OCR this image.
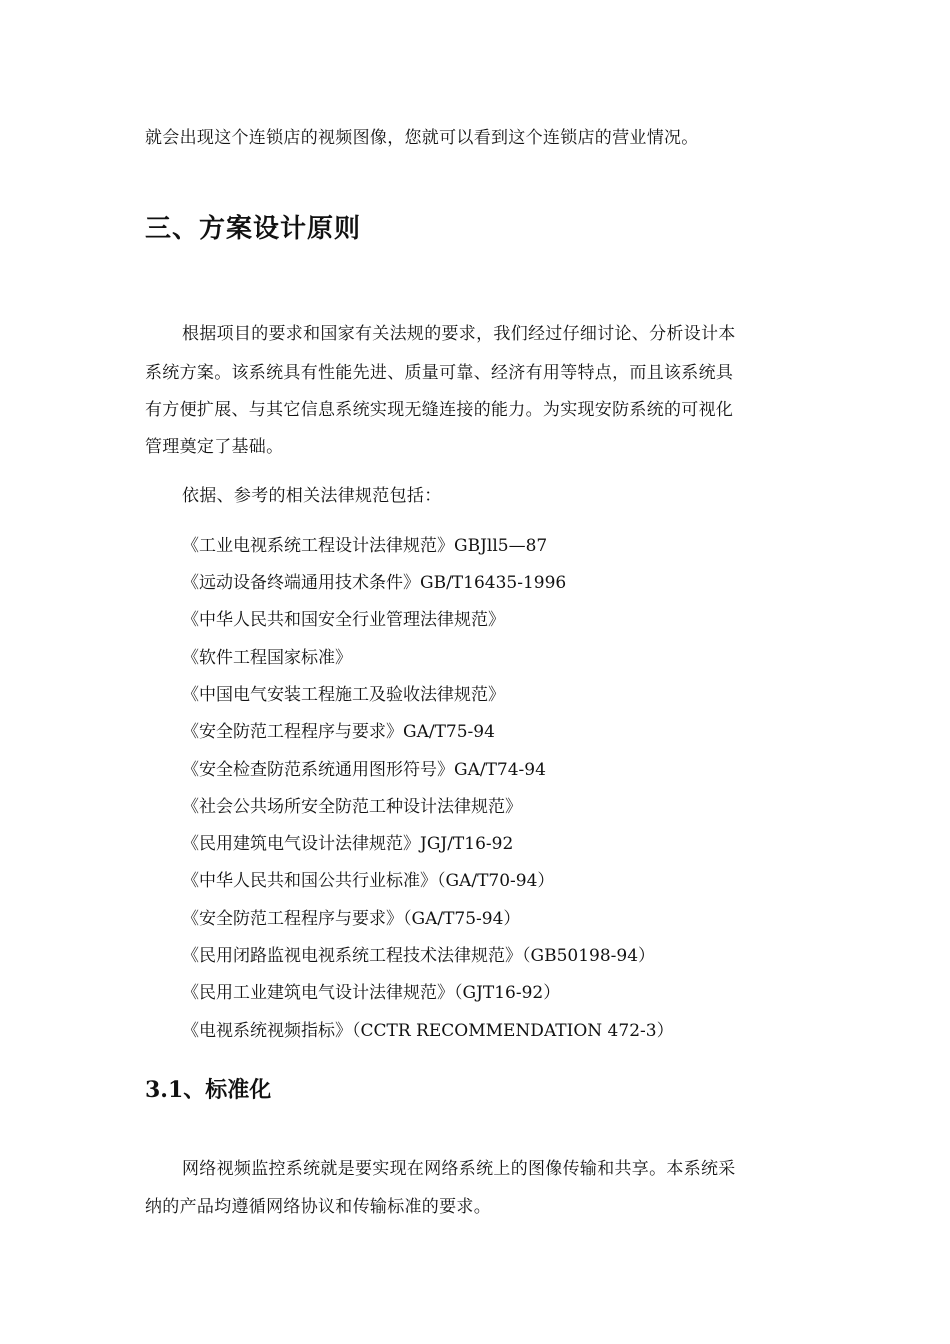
就会出现这个连锁店的视频图像，您就可以看到这个连锁店的营业情况。
三、方案设计原则
根据项目的要求和国家有关法规的要求，我们经过仔细讨论、分析设计本
系统方案。该系统具有性能先进、质量可靠、经济有用等特点，而且该系统具
有方便扩展、与其它信息系统实现无缝连接的能力。为实现安防系统的可视化
管理奠定了基础。
依据、参考的相关法律规范包括：
《工业电视系统工程设计法律规范》GBJll5—87
《远动设备终端通用技术条件》GB/T16435-1996
《中华人民共和国安全行业管理法律规范》
《软件工程国家标准》
《中国电气安装工程施工及验收法律规范》
《安全防范工程程序与要求》GA/T75-94
《安全检查防范系统通用图形符号》GA/T74-94
《社会公共场所安全防范工种设计法律规范》
《民用建筑电气设计法律规范》JGJ/T16-92
《中华人民共和国公共行业标准》（GA/T70-94）
《安全防范工程程序与要求》（GA/T75-94）
《民用闭路监视电视系统工程技术法律规范》（GB50198-94）
《民用工业建筑电气设计法律规范》（GJT16-92）
《电视系统视频指标》（CCTR RECOMMENDATION 472-3）
3.1、标准化
网络视频监控系统就是要实现在网络系统上的图像传输和共享。本系统采
纳的产品均遵循网络协议和传输标准的要求。
